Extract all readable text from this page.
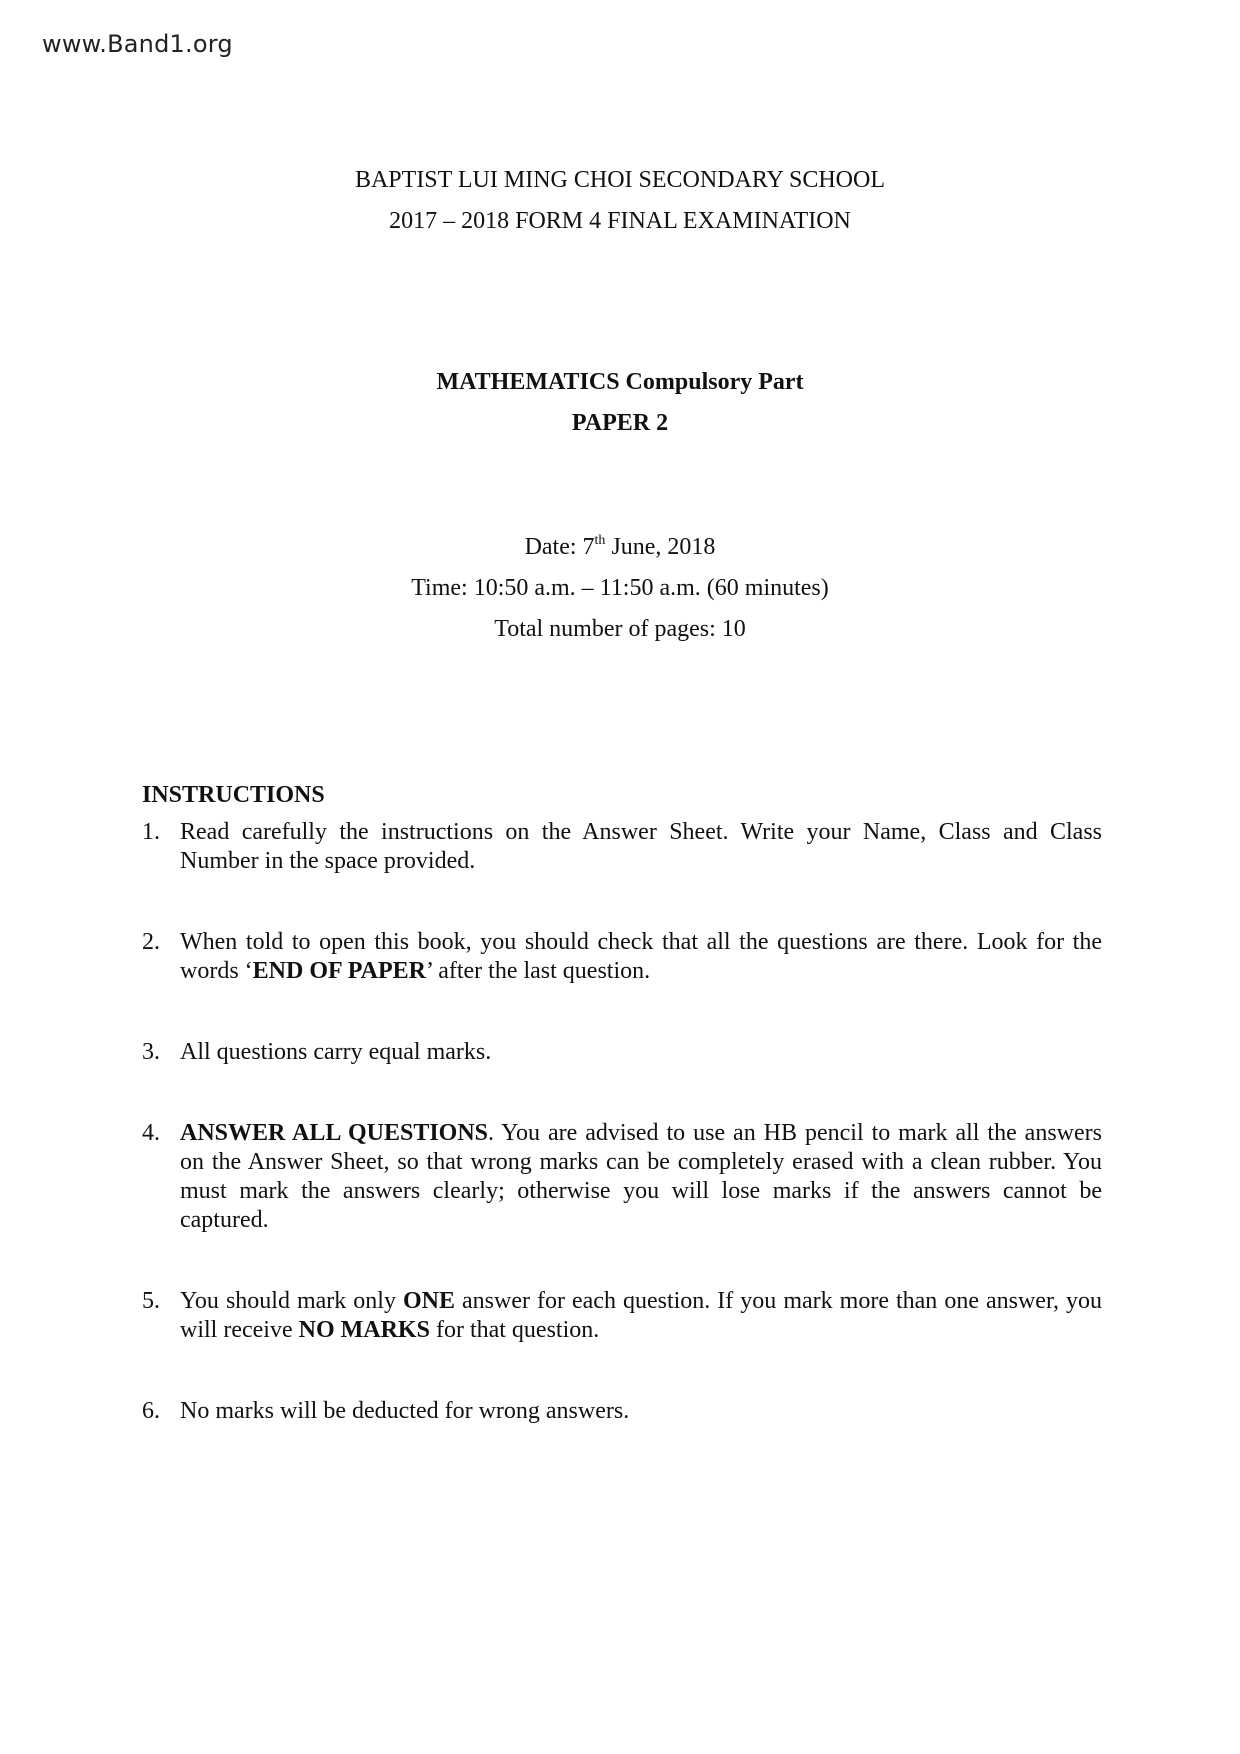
www.Band1.org
BAPTIST LUI MING CHOI SECONDARY SCHOOL
2017 – 2018 FORM 4 FINAL EXAMINATION
MATHEMATICS Compulsory Part
PAPER 2
Date: 7th June, 2018
Time: 10:50 a.m. – 11:50 a.m. (60 minutes)
Total number of pages: 10
INSTRUCTIONS
1. Read carefully the instructions on the Answer Sheet. Write your Name, Class and Class Number in the space provided.
2. When told to open this book, you should check that all the questions are there. Look for the words ‘END OF PAPER’ after the last question.
3. All questions carry equal marks.
4. ANSWER ALL QUESTIONS. You are advised to use an HB pencil to mark all the answers on the Answer Sheet, so that wrong marks can be completely erased with a clean rubber. You must mark the answers clearly; otherwise you will lose marks if the answers cannot be captured.
5. You should mark only ONE answer for each question. If you mark more than one answer, you will receive NO MARKS for that question.
6. No marks will be deducted for wrong answers.
